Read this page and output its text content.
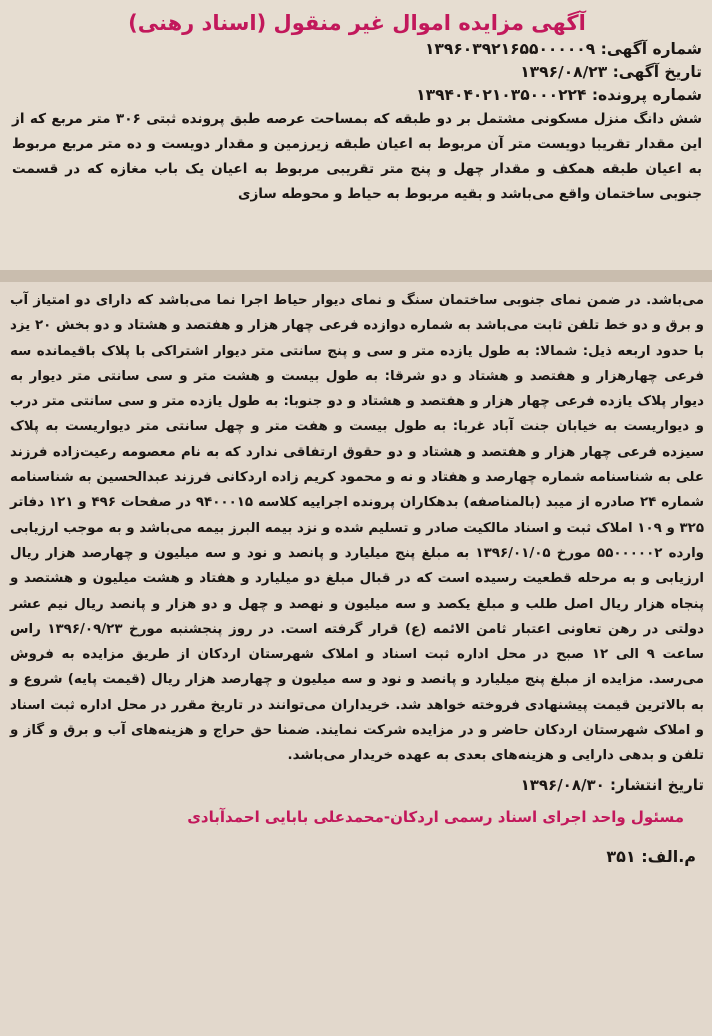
آگهی مزایده اموال غیر منقول (اسناد رهنی)
شماره آگهی: ۱۳۹۶۰۳۹۲۱۶۵۵۰۰۰۰۰۹
تاریخ آگهی: ۱۳۹۶/۰۸/۲۳
شماره پرونده: ۱۳۹۴۰۴۰۲۱۰۳۵۰۰۰۲۲۴
شش دانگ منزل مسکونی مشتمل بر دو طبقه که بمساحت عرصه طبق پرونده ثبتی ۳۰۶ متر مربع که از این مقدار تقریبا دویست متر آن مربوط به اعیان طبقه زیرزمین و مقدار دویست و ده متر مربع مربوط به اعیان طبقه همکف و مقدار چهل و پنج متر تقریبی مربوط به اعیان یک باب مغازه که در قسمت جنوبی ساختمان واقع می‌باشد و بقیه مربوط به حیاط و محوطه سازی
می‌باشد. در ضمن نمای جنوبی ساختمان سنگ و نمای دیوار حیاط اجرا نما می‌باشد که دارای دو امتیاز آب و برق و دو خط تلفن ثابت می‌باشد به شماره دوازده فرعی چهار هزار و هفتصد و هشتاد و دو بخش ۲۰ یزد با حدود اربعه ذیل: شمالا: به طول یازده متر و سی و پنج سانتی متر دیوار اشتراکی با پلاک باقیمانده سه فرعی چهارهزار و هفتصد و هشتاد و دو شرقا: به طول بیست و هشت متر و سی سانتی متر دیوار به دیوار پلاک یازده فرعی چهار هزار و هفتصد و هشتاد و دو جنوبا: به طول یازده متر و سی سانتی متر درب و دیواریست به خیابان جنت آباد غربا: به طول بیست و هفت متر و چهل سانتی متر دیواریست به پلاک سیزده فرعی چهار هزار و هفتصد و هشتاد و دو حقوق ارتفاقی ندارد که به نام معصومه رعیت‌زاده فرزند علی به شناسنامه شماره چهارصد و هفتاد و نه و محمود کریم زاده اردکانی فرزند عبدالحسین به شناسنامه شماره ۲۴ صادره از میبد (بالمناصفه) بدهکاران پرونده اجراییه کلاسه ۹۴۰۰۰۱۵ در صفحات ۴۹۶ و ۱۲۱ دفاتر ۳۲۵ و ۱۰۹ املاک ثبت و اسناد مالکیت صادر و تسلیم شده و نزد بیمه البرز بیمه می‌باشد و به موجب ارزیابی وارده ۵۵۰۰۰۰۰۲ مورخ ۱۳۹۶/۰۱/۰۵ به مبلغ پنج میلیارد و پانصد و نود و سه میلیون و چهارصد هزار ریال ارزیابی و به مرحله قطعیت رسیده است که در قبال مبلغ دو میلیارد و هفتاد و هشت میلیون و هشتصد و پنجاه هزار ریال اصل طلب و مبلغ یکصد و سه میلیون و نهصد و چهل و دو هزار و پانصد ریال نیم عشر دولتی در رهن تعاونی اعتبار ثامن الائمه (ع) قرار گرفته است. در روز پنجشنبه مورخ ۱۳۹۶/۰۹/۲۳ راس ساعت ۹ الی ۱۲ صبح در محل اداره ثبت اسناد و املاک شهرستان اردکان از طریق مزایده به فروش می‌رسد. مزایده از مبلغ پنج میلیارد و پانصد و نود و سه میلیون و چهارصد هزار ریال (قیمت پایه) شروع و به بالاترین قیمت پیشنهادی فروخته خواهد شد. خریداران می‌توانند در تاریخ مقرر در محل اداره ثبت اسناد و املاک شهرستان اردکان حاضر و در مزایده شرکت نمایند. ضمنا حق حراج و هزینه‌های آب و برق و گاز و تلفن و بدهی دارایی و هزینه‌های بعدی به عهده خریدار می‌باشد.
تاریخ انتشار: ۱۳۹۶/۰۸/۳۰
مسئول واحد اجرای اسناد رسمی اردکان-محمدعلی بابایی احمدآبادی
م.الف: ۳۵۱
